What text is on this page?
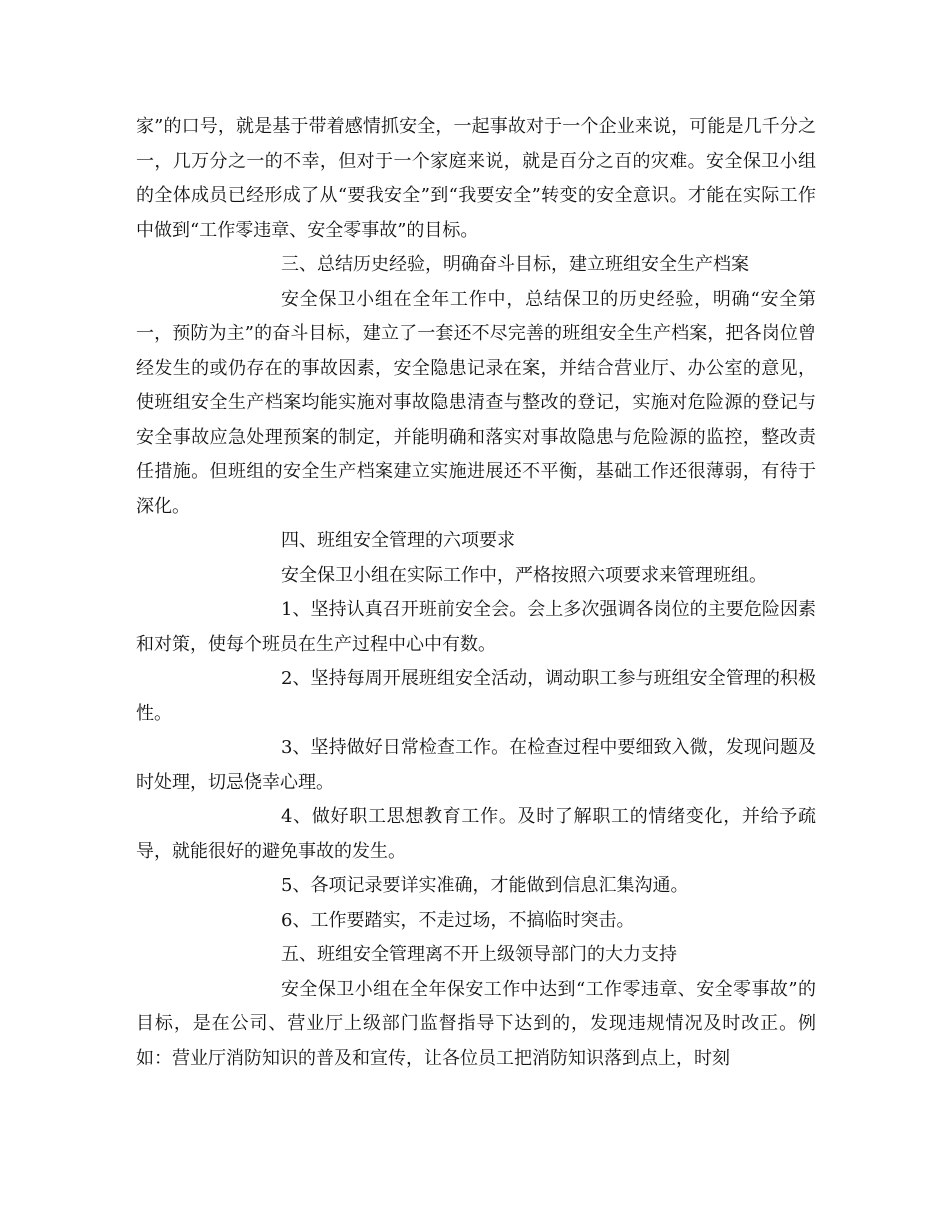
家”的口号，就是基于带着感情抓安全，一起事故对于一个企业来说，可能是几千分之一，几万分之一的不幸，但对于一个家庭来说，就是百分之百的灾难。安全保卫小组的全体成员已经形成了从“要我安全”到“我要安全”转变的安全意识。才能在实际工作中做到“工作零违章、安全零事故”的目标。

三、总结历史经验，明确奋斗目标，建立班组安全生产档案

安全保卫小组在全年工作中，总结保卫的历史经验，明确“安全第一，预防为主”的奋斗目标，建立了一套还不尽完善的班组安全生产档案，把各岗位曾经发生的或仍存在的事故因素，安全隐患记录在案，并结合营业厅、办公室的意见，使班组安全生产档案均能实施对事故隐患清查与整改的登记，实施对危险源的登记与安全事故应急处理预案的制定，并能明确和落实对事故隐患与危险源的监控，整改责任措施。但班组的安全生产档案建立实施进展还不平衡，基础工作还很薄弱，有待于深化。

四、班组安全管理的六项要求

安全保卫小组在实际工作中，严格按照六项要求来管理班组。

1、坚持认真召开班前安全会。会上多次强调各岗位的主要危险因素和对策，使每个班员在生产过程中心中有数。

2、坚持每周开展班组安全活动，调动职工参与班组安全管理的积极性。

3、坚持做好日常检查工作。在检查过程中要细致入微，发现问题及时处理，切忌侥幸心理。

4、做好职工思想教育工作。及时了解职工的情绪变化，并给予疏导，就能很好的避免事故的发生。

5、各项记录要详实准确，才能做到信息汇集沟通。

6、工作要踏实，不走过场，不搞临时突击。

五、班组安全管理离不开上级领导部门的大力支持

安全保卫小组在全年保安工作中达到“工作零违章、安全零事故”的目标，是在公司、营业厅上级部门监督指导下达到的，发现违规情况及时改正。例如：营业厅消防知识的普及和宣传，让各位员工把消防知识落到点上，时刻
